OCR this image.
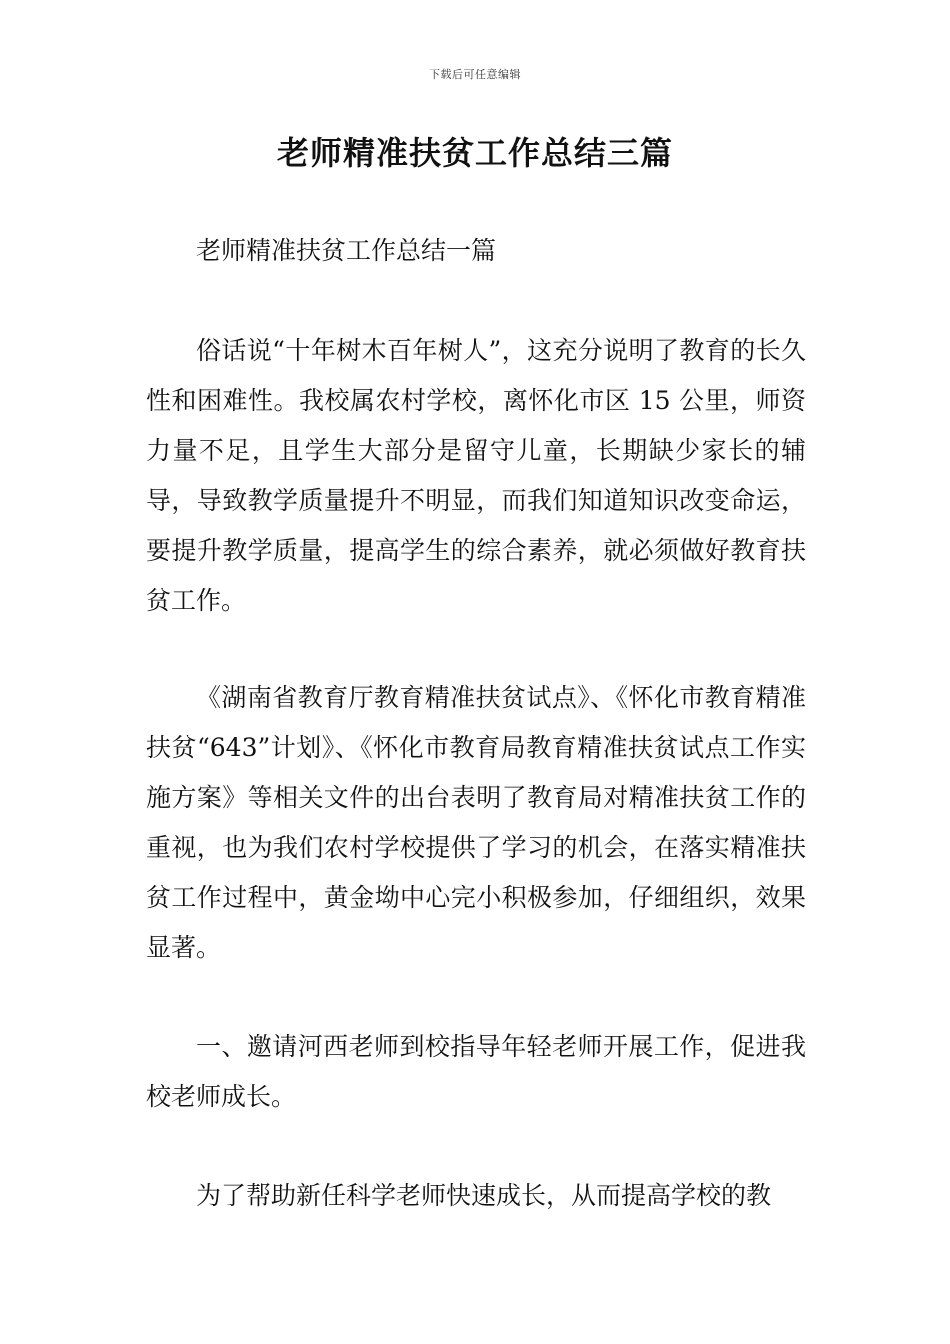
下载后可任意编辑
老师精准扶贫工作总结三篇

老师精准扶贫工作总结一篇

俗话说“十年树木百年树人”，这充分说明了教育的长久性和困难性。我校属农村学校，离怀化市区 15 公里，师资力量不足，且学生大部分是留守儿童，长期缺少家长的辅导，导致教学质量提升不明显，而我们知道知识改变命运，要提升教学质量，提高学生的综合素养，就必须做好教育扶贫工作。

《湖南省教育厅教育精准扶贫试点》、《怀化市教育精准扶贫“643”计划》、《怀化市教育局教育精准扶贫试点工作实施方案》等相关文件的出台表明了教育局对精准扶贫工作的重视，也为我们农村学校提供了学习的机会，在落实精准扶贫工作过程中，黄金坳中心完小积极参加，仔细组织，效果显著。

一、邀请河西老师到校指导年轻老师开展工作，促进我校老师成长。

为了帮助新任科学老师快速成长，从而提高学校的教
